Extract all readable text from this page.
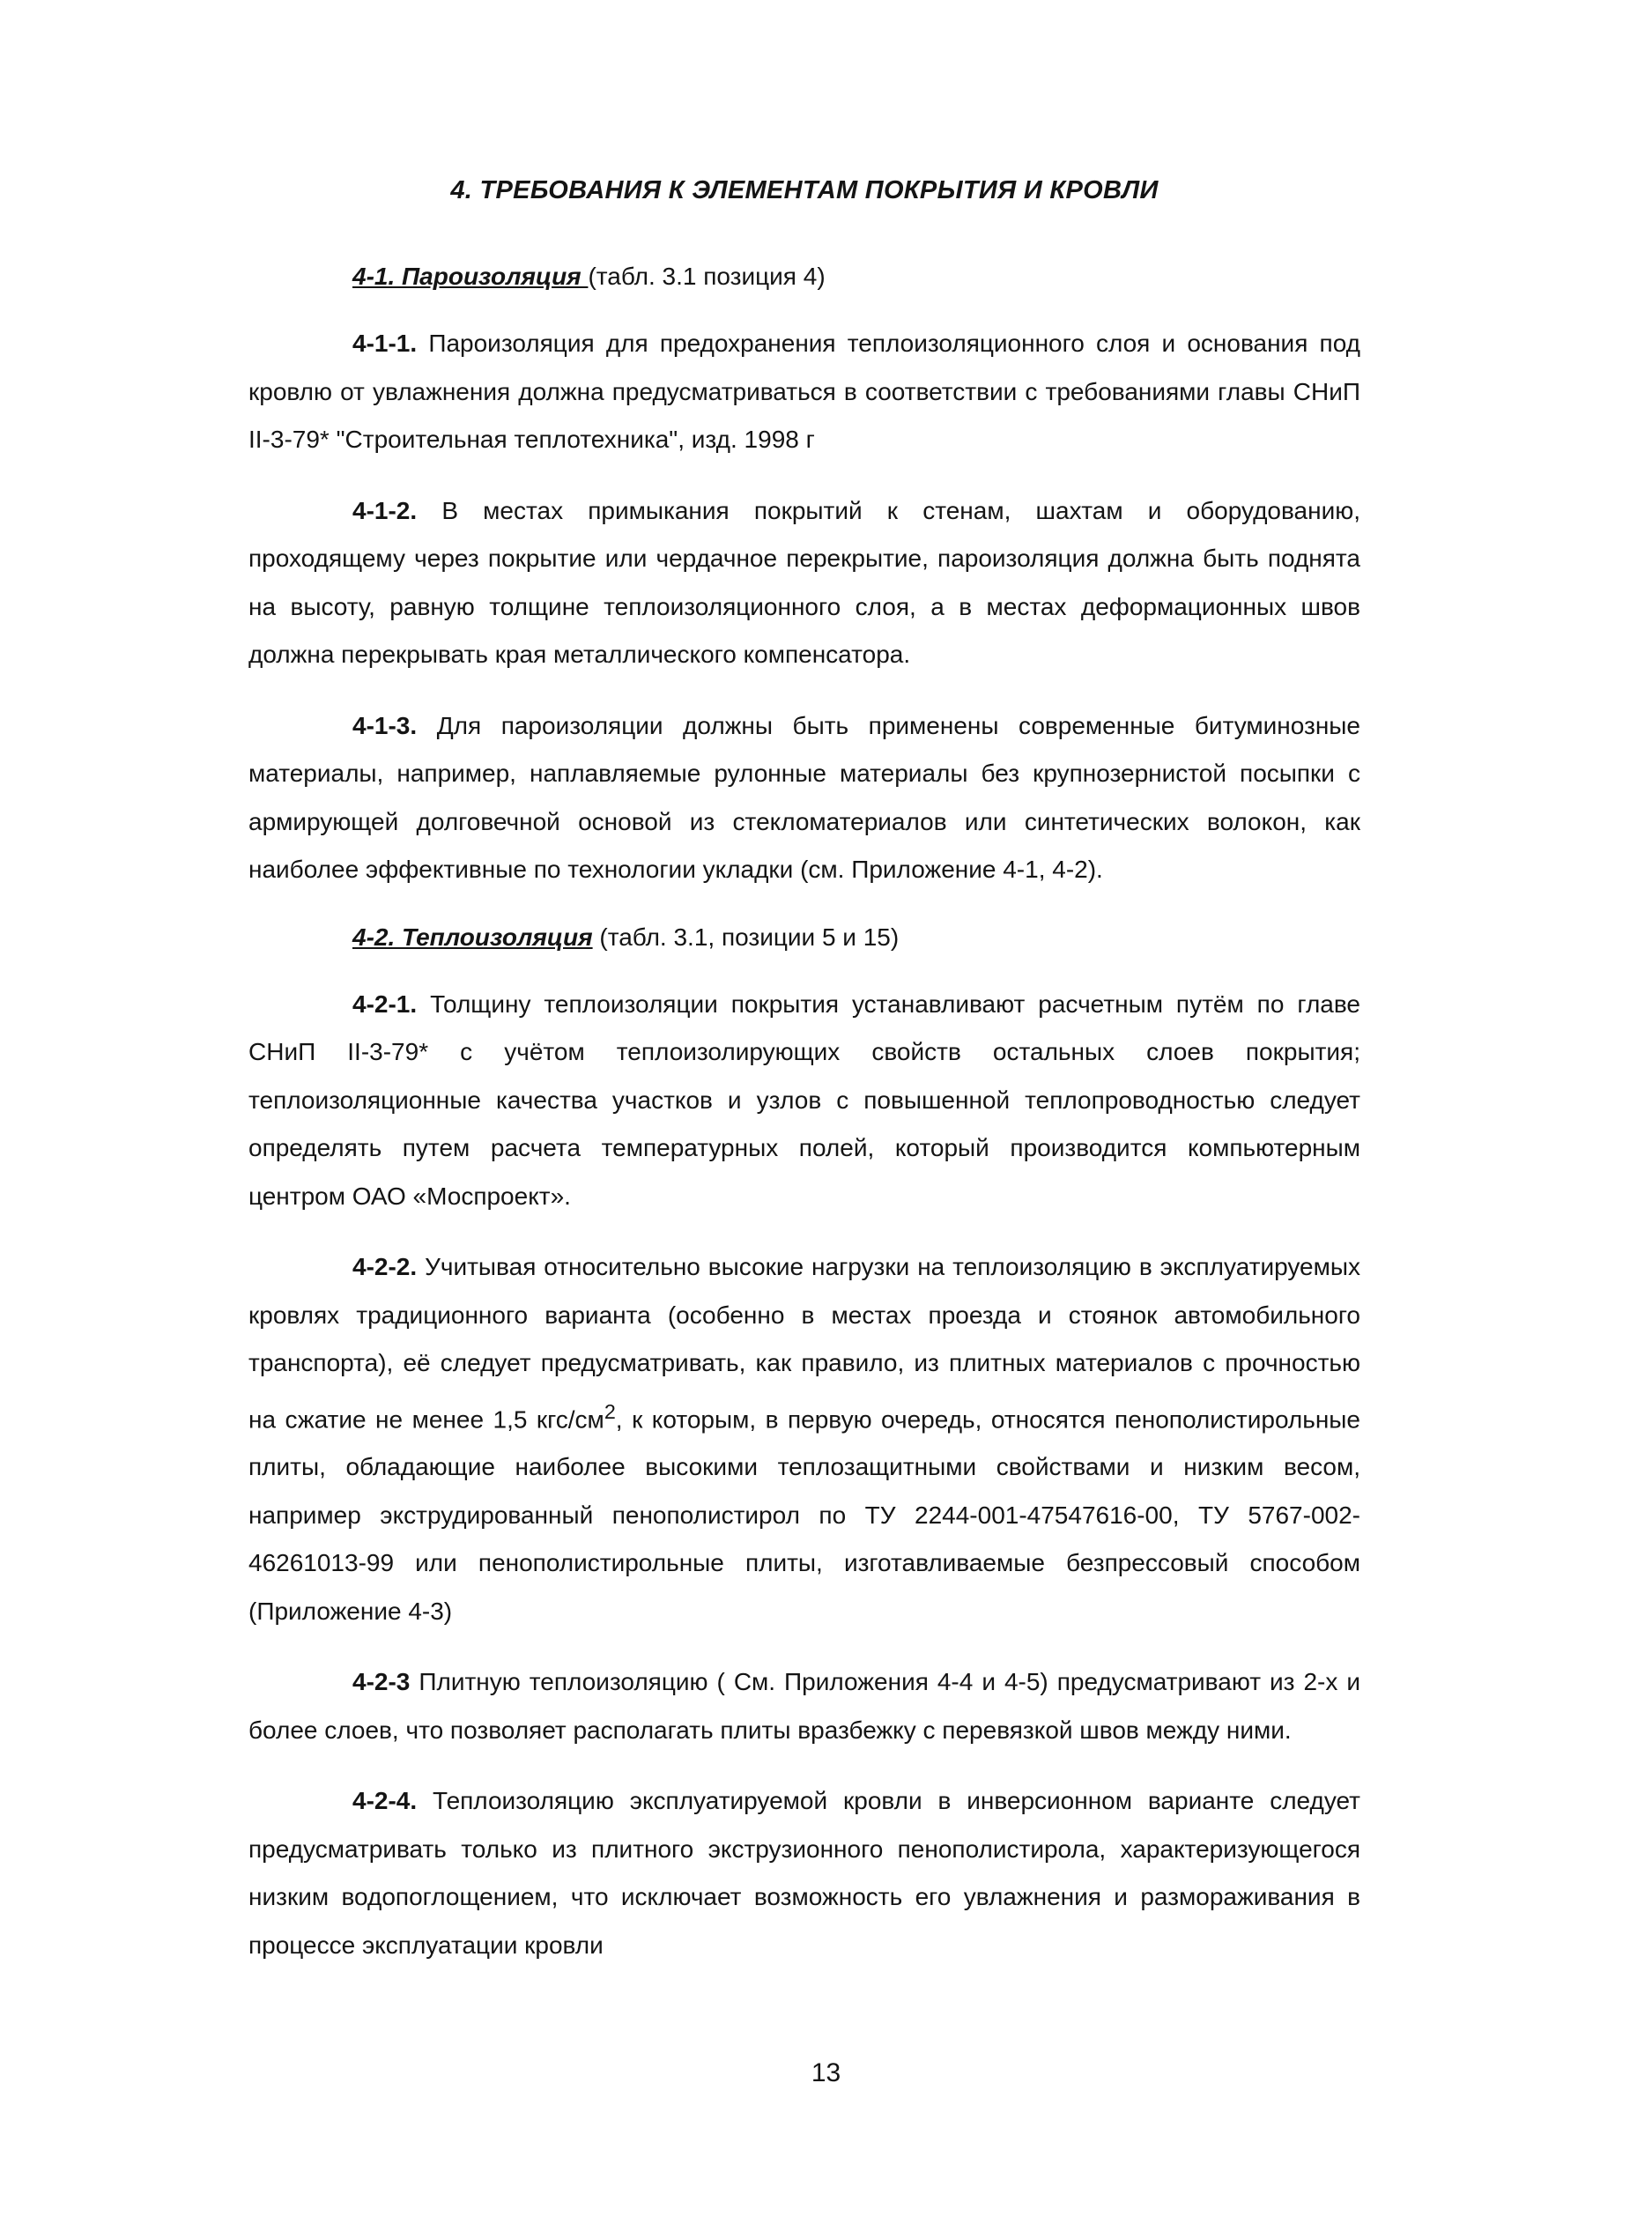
4. ТРЕБОВАНИЯ К ЭЛЕМЕНТАМ ПОКРЫТИЯ И КРОВЛИ

4-1. Пароизоляция (табл. 3.1 позиция 4)

4-1-1. Пароизоляция для предохранения теплоизоляционного слоя и основания под кровлю от увлажнения должна предусматриваться в соответствии с требованиями главы СНиП II-3-79* "Строительная теплотехника", изд. 1998 г

4-1-2. В местах примыкания покрытий к стенам, шахтам и оборудованию, проходящему через покрытие или чердачное перекрытие, пароизоляция должна быть поднята на высоту, равную толщине теплоизоляционного слоя, а в местах деформационных швов должна перекрывать края металлического компенсатора.

4-1-3. Для пароизоляции должны быть применены современные битуминозные материалы, например, наплавляемые рулонные материалы без крупнозернистой посыпки с армирующей долговечной основой из стекломатериалов или синтетических волокон, как наиболее эффективные по технологии укладки (см. Приложение 4-1, 4-2).

4-2. Теплоизоляция (табл. 3.1, позиции 5 и 15)

4-2-1. Толщину теплоизоляции покрытия устанавливают расчетным путём по главе СНиП II-3-79* с учётом теплоизолирующих свойств остальных слоев покрытия; теплоизоляционные качества участков и узлов с повышенной теплопроводностью следует определять путем расчета температурных полей, который производится компьютерным центром ОАО «Моспроект».

4-2-2. Учитывая относительно высокие нагрузки на теплоизоляцию в эксплуатируемых кровлях традиционного варианта (особенно в местах проезда и стоянок автомобильного транспорта), её следует предусматривать, как правило, из плитных материалов с прочностью на сжатие не менее 1,5 кгс/$см^2$, к которым, в первую очередь, относятся пенополистирольные плиты, обладающие наиболее высокими теплозащитными свойствами и низким весом, например экструдированный пенополистирол по ТУ 2244-001-47547616-00, ТУ 5767-002-46261013-99 или пенополистирольные плиты, изготавливаемые безпрессовый способом (Приложение 4-3)

4-2-3 Плитную теплоизоляцию ( См. Приложения 4-4 и 4-5) предусматривают из 2-х и более слоев, что позволяет располагать плиты вразбежку с перевязкой швов между ними.

4-2-4. Теплоизоляцию эксплуатируемой кровли в инверсионном варианте следует предусматривать только из плитного экструзионного пенополистирола, характеризующегося низким водопоглощением, что исключает возможность его увлажнения и размораживания в процессе эксплуатации кровли

13
